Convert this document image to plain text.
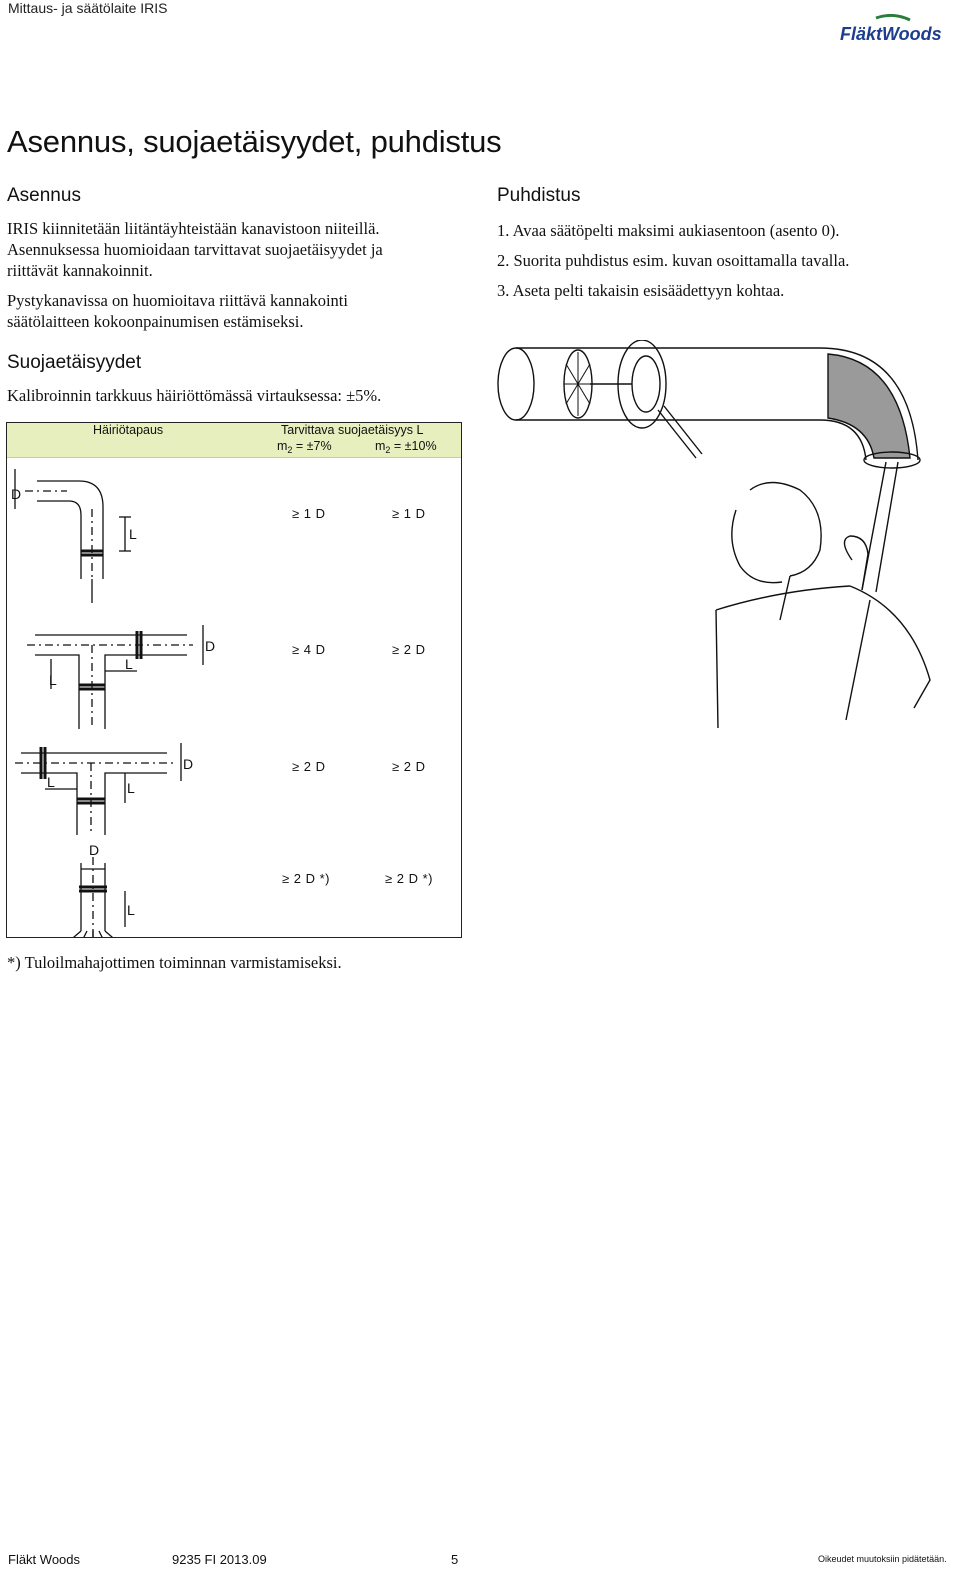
Mittaus- ja säätölaite IRIS
FläktWoods
Asennus, suojaetäisyydet, puhdistus
Asennus

IRIS kiinnitetään liitäntäyhteistään kanavistoon niiteillä.

Asennuksessa huomioidaan tarvittavat suojaetäisyydet ja

riittävät kannakoinnit.

Pystykanavissa on huomioitava riittävä kannakointi

säätölaitteen kokoonpainumisen estämiseksi.

Puhdistus

1. Avaa säätöpelti maksimi aukiasentoon (asento 0).

2. Suorita puhdistus esim. kuvan osoittamalla tavalla.

3. Aseta pelti takaisin esisäädettyyn kohtaa.

Suojaetäisyydet

Kalibroinnin tarkkuus häiriöttömässä virtauksessa: ±5%.

Häiriötapaus	Tarvittava suojaetäisyys L
$m_2 = \pm 7\%$	$m_2 = \pm 10\%$
≥ 1 D	≥ 1 D
≥ 4 D	≥ 2 D
≥ 2 D	≥ 2 D
≥ 2 D *)	≥ 2 D *)
D
L
D
L
L
D
L	L
D
L

*) Tuloilmahajottimen toiminnan varmistamiseksi.

Fläkt Woods	9235 FI 2013.09	5	Oikeudet muutoksiin pidätetään.
